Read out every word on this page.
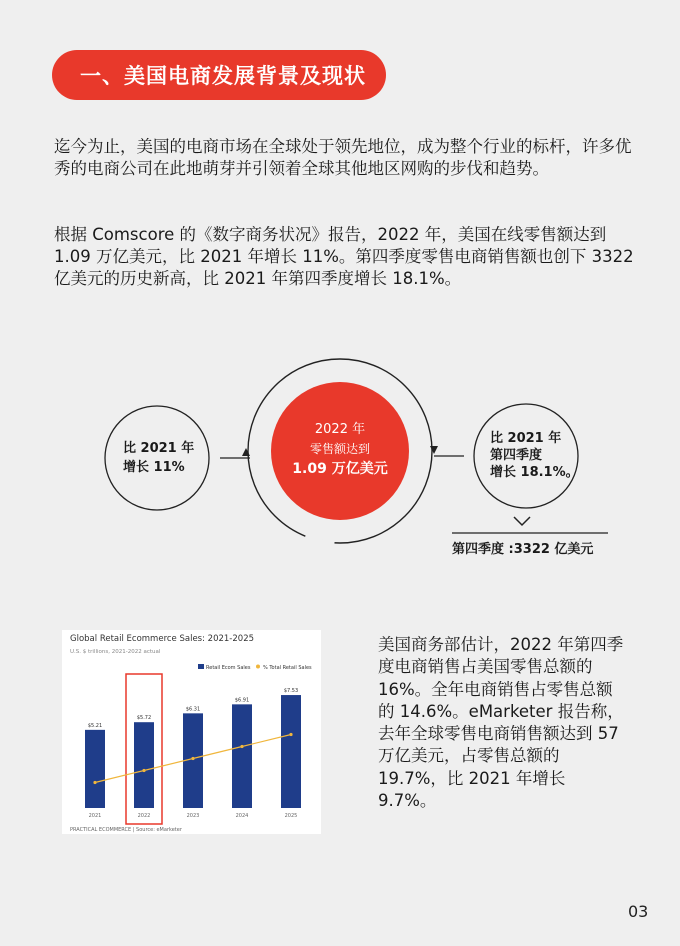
一、美国电商发展背景及现状

迄今为止，美国的电商市场在全球处于领先地位，成为整个行业的标杆，许多优秀的电商公司在此地萌芽并引领着全球其他地区网购的步伐和趋势。

根据 Comscore 的《数字商务状况》报告，2022 年，美国在线零售额达到 1.09 万亿美元，比 2021 年增长 11%。第四季度零售电商销售额也创下 3322 亿美元的历史新高，比 2021 年第四季度增长 18.1%。

2022 年
零售额达到
1.09 万亿美元
比 2021 年
增长 11%
比 2021 年
第四季度
增长 18.1%。
第四季度 :3322 亿美元
Global Retail Ecommerce Sales: 2021-2025
U.S. $ trillions, 2021-2022 actual
Retail Ecom Sales	% Total Retail Sales
$5.21
2021
$5.72
2022
$6.31
2023
$6.91
2024
$7.53
2025
PRACTICAL ECOMMERCE | Source: eMarketer

美国商务部估计，2022 年第四季度电商销售占美国零售总额的 16%。全年电商销售占零售总额的 14.6%。eMarketer 报告称，去年全球零售电商销售额达到 57 万亿美元，占零售总额的 19.7%，比 2021 年增长 9.7%。

03
